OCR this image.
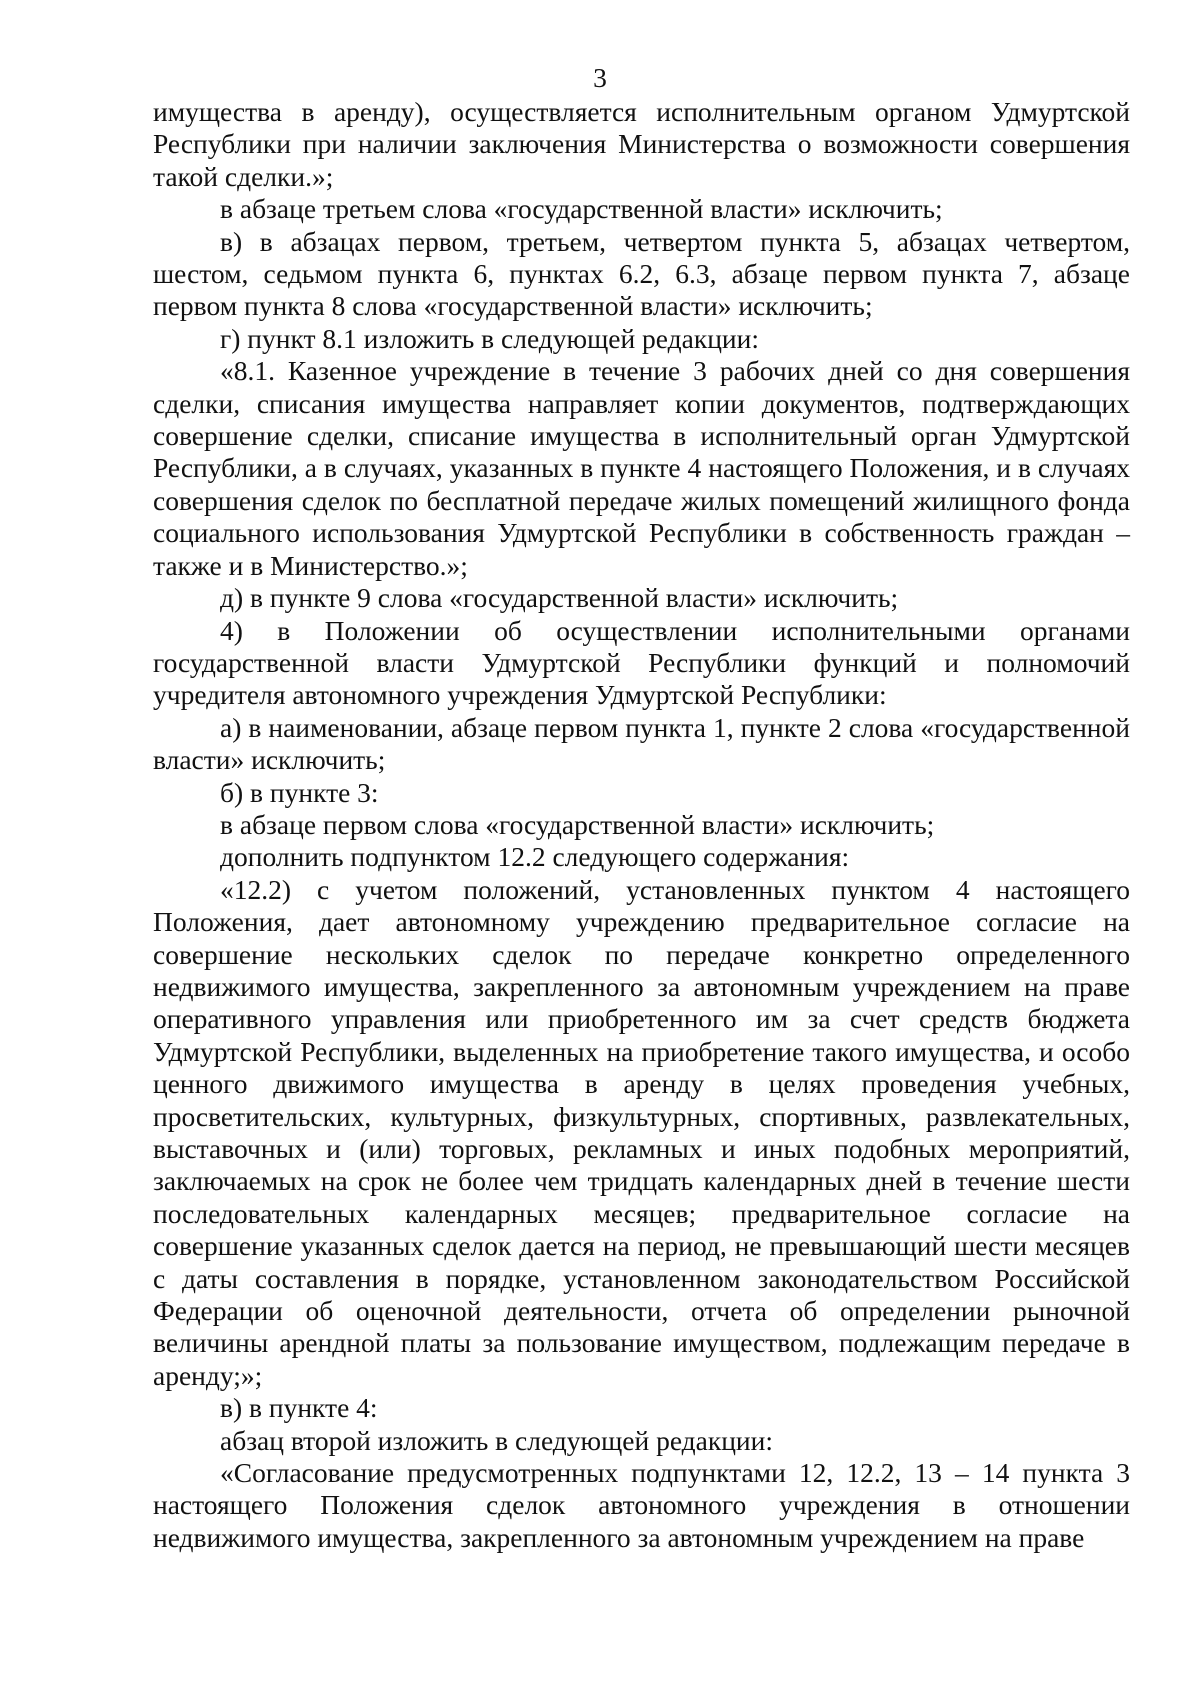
3

имущества в аренду), осуществляется исполнительным органом Удмуртской Республики при наличии заключения Министерства о возможности совершения такой сделки.»;

в абзаце третьем слова «государственной власти» исключить;

в) в абзацах первом, третьем, четвертом пункта 5, абзацах четвертом, шестом, седьмом пункта 6, пунктах 6.2, 6.3, абзаце первом пункта 7, абзаце первом пункта 8 слова «государственной власти» исключить;

г) пункт 8.1 изложить в следующей редакции:

«8.1. Казенное учреждение в течение 3 рабочих дней со дня совершения сделки, списания имущества направляет копии документов, подтверждающих совершение сделки, списание имущества в исполнительный орган Удмуртской Республики, а в случаях, указанных в пункте 4 настоящего Положения, и в случаях совершения сделок по бесплатной передаче жилых помещений жилищного фонда социального использования Удмуртской Республики в собственность граждан – также и в Министерство.»;

д) в пункте 9 слова «государственной власти» исключить;

4) в Положении об осуществлении исполнительными органами государственной власти Удмуртской Республики функций и полномочий учредителя автономного учреждения Удмуртской Республики:

а) в наименовании, абзаце первом пункта 1, пункте 2 слова «государственной власти» исключить;

б) в пункте 3:

в абзаце первом слова «государственной власти» исключить;

дополнить подпунктом 12.2 следующего содержания:

«12.2) с учетом положений, установленных пунктом 4 настоящего Положения, дает автономному учреждению предварительное согласие на совершение нескольких сделок по передаче конкретно определенного недвижимого имущества, закрепленного за автономным учреждением на праве оперативного управления или приобретенного им за счет средств бюджета Удмуртской Республики, выделенных на приобретение такого имущества, и особо ценного движимого имущества в аренду в целях проведения учебных, просветительских, культурных, физкультурных, спортивных, развлекательных, выставочных и (или) торговых, рекламных и иных подобных мероприятий, заключаемых на срок не более чем тридцать календарных дней в течение шести последовательных календарных месяцев; предварительное согласие на совершение указанных сделок дается на период, не превышающий шести месяцев с даты составления в порядке, установленном законодательством Российской Федерации об оценочной деятельности, отчета об определении рыночной величины арендной платы за пользование имуществом, подлежащим передаче в аренду;»;

в) в пункте 4:

абзац второй изложить в следующей редакции:

«Согласование предусмотренных подпунктами 12, 12.2, 13 – 14 пункта 3 настоящего Положения сделок автономного учреждения в отношении недвижимого имущества, закрепленного за автономным учреждением на праве
